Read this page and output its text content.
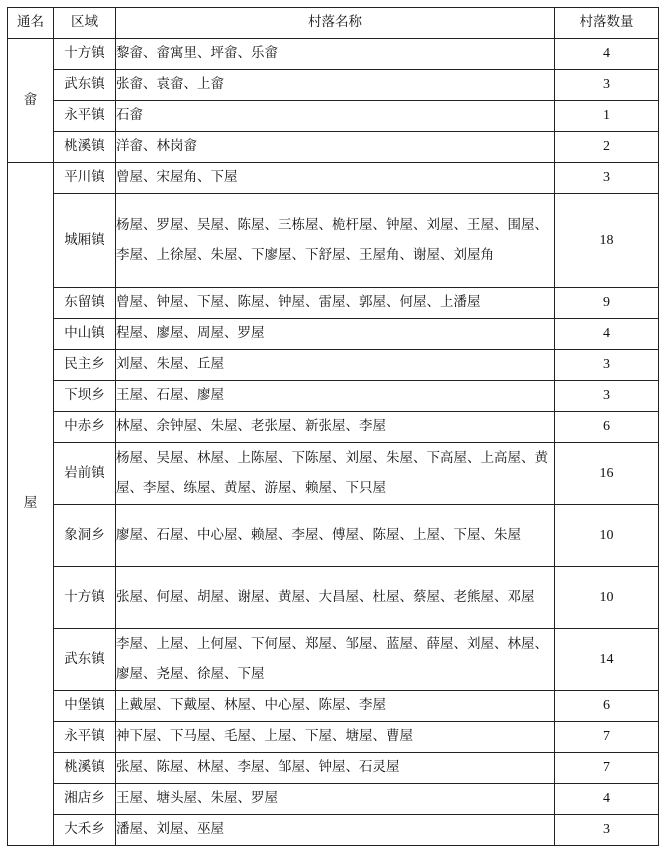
通名	区域	村落名称	村落数量
畲	十方镇	黎畲、畲寓里、坪畲、乐畲	4
	武东镇	张畲、袁畲、上畲	3
	永平镇	石畲	1
	桃溪镇	洋畲、林岗畲	2
屋	平川镇	曾屋、宋屋角、下屋	3
	城厢镇	杨屋、罗屋、吴屋、陈屋、三栋屋、桅杆屋、钟屋、刘屋、王屋、围屋、李屋、上徐屋、朱屋、下廖屋、下舒屋、王屋角、谢屋、刘屋角	18
	东留镇	曾屋、钟屋、下屋、陈屋、钟屋、雷屋、郭屋、何屋、上潘屋	9
	中山镇	程屋、廖屋、周屋、罗屋	4
	民主乡	刘屋、朱屋、丘屋	3
	下坝乡	王屋、石屋、廖屋	3
	中赤乡	林屋、余钟屋、朱屋、老张屋、新张屋、李屋	6
	岩前镇	杨屋、吴屋、林屋、上陈屋、下陈屋、刘屋、朱屋、下高屋、上高屋、黄屋、李屋、练屋、黄屋、游屋、赖屋、下只屋	16
	象洞乡	廖屋、石屋、中心屋、赖屋、李屋、傅屋、陈屋、上屋、下屋、朱屋	10
	十方镇	张屋、何屋、胡屋、谢屋、黄屋、大昌屋、杜屋、蔡屋、老熊屋、邓屋	10
	武东镇	李屋、上屋、上何屋、下何屋、郑屋、邹屋、蓝屋、薛屋、刘屋、林屋、廖屋、尧屋、徐屋、下屋	14
	中堡镇	上戴屋、下戴屋、林屋、中心屋、陈屋、李屋	6
	永平镇	神下屋、下马屋、毛屋、上屋、下屋、塘屋、曹屋	7
	桃溪镇	张屋、陈屋、林屋、李屋、邹屋、钟屋、石灵屋	7
	湘店乡	王屋、塘头屋、朱屋、罗屋	4
	大禾乡	潘屋、刘屋、巫屋	3
